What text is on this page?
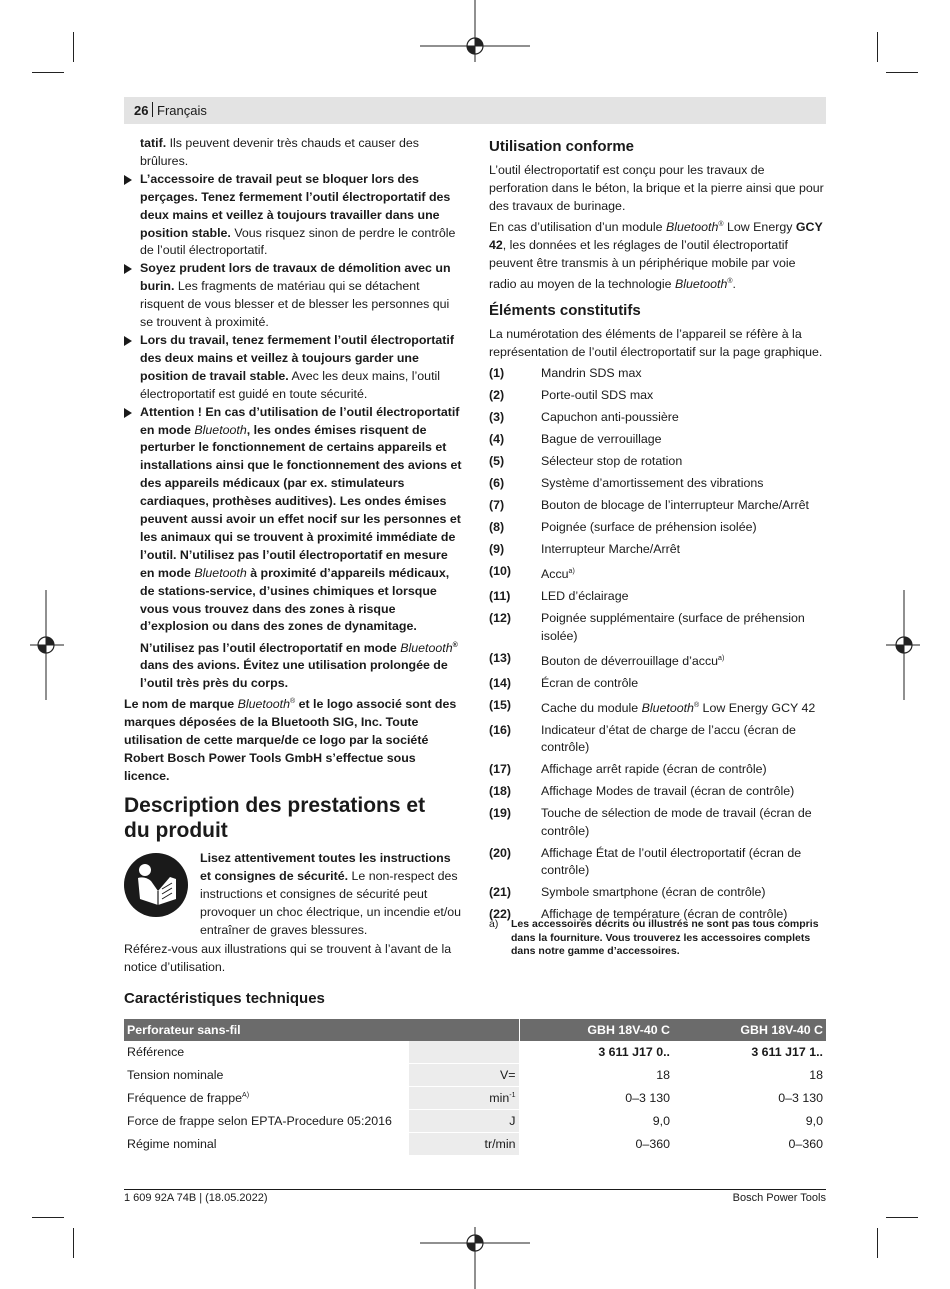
26 Français

tatif. Ils peuvent devenir très chauds et causer des brûlures.

L’accessoire de travail peut se bloquer lors des perçages. Tenez fermement l’outil électroportatif des deux mains et veillez à toujours travailler dans une position stable. Vous risquez sinon de perdre le contrôle de l’outil électroportatif.

Soyez prudent lors de travaux de démolition avec un burin. Les fragments de matériau qui se détachent risquent de vous blesser et de blesser les personnes qui se trouvent à proximité.

Lors du travail, tenez fermement l’outil électroportatif des deux mains et veillez à toujours garder une position de travail stable. Avec les deux mains, l’outil électroportatif est guidé en toute sécurité.

Attention ! En cas d’utilisation de l’outil électroportatif en mode Bluetooth, les ondes émises risquent de perturber le fonctionnement de certains appareils et installations ainsi que le fonctionnement des avions et des appareils médicaux (par ex. stimulateurs cardiaques, prothèses auditives). Les ondes émises peuvent aussi avoir un effet nocif sur les personnes et les animaux qui se trouvent à proximité immédiate de l’outil. N’utilisez pas l’outil électroportatif en mesure en mode Bluetooth à proximité d’appareils médicaux, de stations-service, d’usines chimiques et lorsque vous vous trouvez dans des zones à risque d’explosion ou dans des zones de dynamitage. N’utilisez pas l’outil électroportatif en mode Bluetooth® dans des avions. Évitez une utilisation prolongée de l’outil très près du corps.

Le nom de marque Bluetooth® et le logo associé sont des marques déposées de la Bluetooth SIG, Inc. Toute utilisation de cette marque/de ce logo par la société Robert Bosch Power Tools GmbH s’effectue sous licence.

Description des prestations et du produit

Lisez attentivement toutes les instructions et consignes de sécurité. Le non-respect des instructions et consignes de sécurité peut provoquer un choc électrique, un incendie et/ou entraîner de graves blessures.

Référez-vous aux illustrations qui se trouvent à l’avant de la notice d’utilisation.

Utilisation conforme

L’outil électroportatif est conçu pour les travaux de perforation dans le béton, la brique et la pierre ainsi que pour des travaux de burinage.

En cas d’utilisation d’un module Bluetooth® Low Energy GCY 42, les données et les réglages de l’outil électroportatif peuvent être transmis à un périphérique mobile par voie radio au moyen de la technologie Bluetooth®.

Éléments constitutifs

La numérotation des éléments de l’appareil se réfère à la représentation de l’outil électroportatif sur la page graphique.

(1)	Mandrin SDS max
(2)	Porte-outil SDS max
(3)	Capuchon anti-poussière
(4)	Bague de verrouillage
(5)	Sélecteur stop de rotation
(6)	Système d’amortissement des vibrations
(7)	Bouton de blocage de l’interrupteur Marche/Arrêt
(8)	Poignée (surface de préhension isolée)
(9)	Interrupteur Marche/Arrêt
(10)	Accu$^{a)}$
(11)	LED d’éclairage
(12)	Poignée supplémentaire (surface de préhension isolée)
(13)	Bouton de déverrouillage d’accu$^{a)}$
(14)	Écran de contrôle
(15)	Cache du module Bluetooth® Low Energy GCY 42
(16)	Indicateur d’état de charge de l’accu (écran de contrôle)
(17)	Affichage arrêt rapide (écran de contrôle)
(18)	Affichage Modes de travail (écran de contrôle)
(19)	Touche de sélection de mode de travail (écran de contrôle)
(20)	Affichage État de l’outil électroportatif (écran de contrôle)
(21)	Symbole smartphone (écran de contrôle)
(22)	Affichage de température (écran de contrôle)
a)	Les accessoires décrits ou illustrés ne sont pas tous compris dans la fourniture. Vous trouverez les accessoires complets dans notre gamme d’accessoires.
Caractéristiques techniques
Perforateur sans-fil		GBH 18V-40 C	GBH 18V-40 C
Référence		3 611 J17 0..	3 611 J17 1..
Tension nominale	V=	18	18
Fréquence de frappe$^{A)}$	$\min^{-1}$	0–3 130	0–3 130
Force de frappe selon EPTA-Procedure 05:2016	J	9,0	9,0
Régime nominal	tr/min	0–360	0–360
1 609 92A 74B | (18.05.2022)	Bosch Power Tools
